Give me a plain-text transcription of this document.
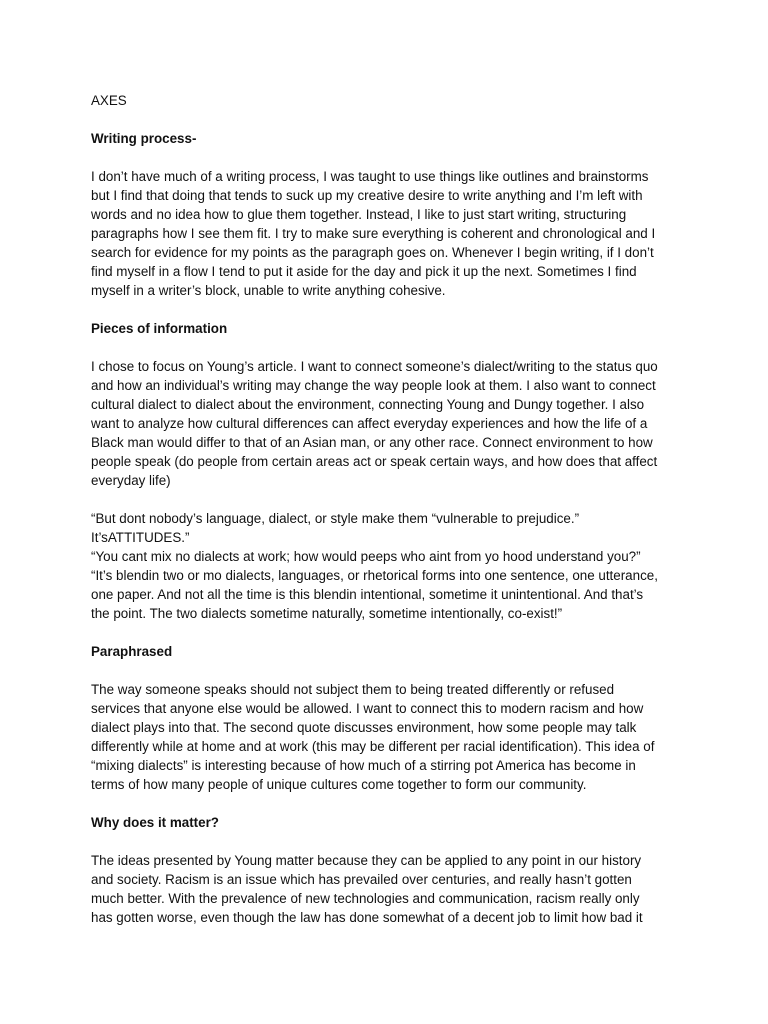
AXES

Writing process-

I don’t have much of a writing process, I was taught to use things like outlines and brainstorms
but I find that doing that tends to suck up my creative desire to write anything and I’m left with
words and no idea how to glue them together. Instead, I like to just start writing, structuring
paragraphs how I see them fit. I try to make sure everything is coherent and chronological and I
search for evidence for my points as the paragraph goes on. Whenever I begin writing, if I don’t
find myself in a flow I tend to put it aside for the day and pick it up the next. Sometimes I find
myself in a writer’s block, unable to write anything cohesive.

Pieces of information

I chose to focus on Young’s article. I want to connect someone’s dialect/writing to the status quo
and how an individual’s writing may change the way people look at them. I also want to connect
cultural dialect to dialect about the environment, connecting Young and Dungy together. I also
want to analyze how cultural differences can affect everyday experiences and how the life of a
Black man would differ to that of an Asian man, or any other race. Connect environment to how
people speak (do people from certain areas act or speak certain ways, and how does that affect
everyday life)

“But dont nobody’s language, dialect, or style make them “vulnerable to prejudice.”
It’sATTITUDES.”
“You cant mix no dialects at work; how would peeps who aint from yo hood understand you?”
“It’s blendin two or mo dialects, languages, or rhetorical forms into one sentence, one utterance,
one paper. And not all the time is this blendin intentional, sometime it unintentional. And that’s
the point. The two dialects sometime naturally, sometime intentionally, co-exist!”

Paraphrased

The way someone speaks should not subject them to being treated differently or refused
services that anyone else would be allowed. I want to connect this to modern racism and how
dialect plays into that. The second quote discusses environment, how some people may talk
differently while at home and at work (this may be different per racial identification). This idea of
“mixing dialects” is interesting because of how much of a stirring pot America has become in
terms of how many people of unique cultures come together to form our community.

Why does it matter?

The ideas presented by Young matter because they can be applied to any point in our history
and society. Racism is an issue which has prevailed over centuries, and really hasn’t gotten
much better. With the prevalence of new technologies and communication, racism really only
has gotten worse, even though the law has done somewhat of a decent job to limit how bad it
